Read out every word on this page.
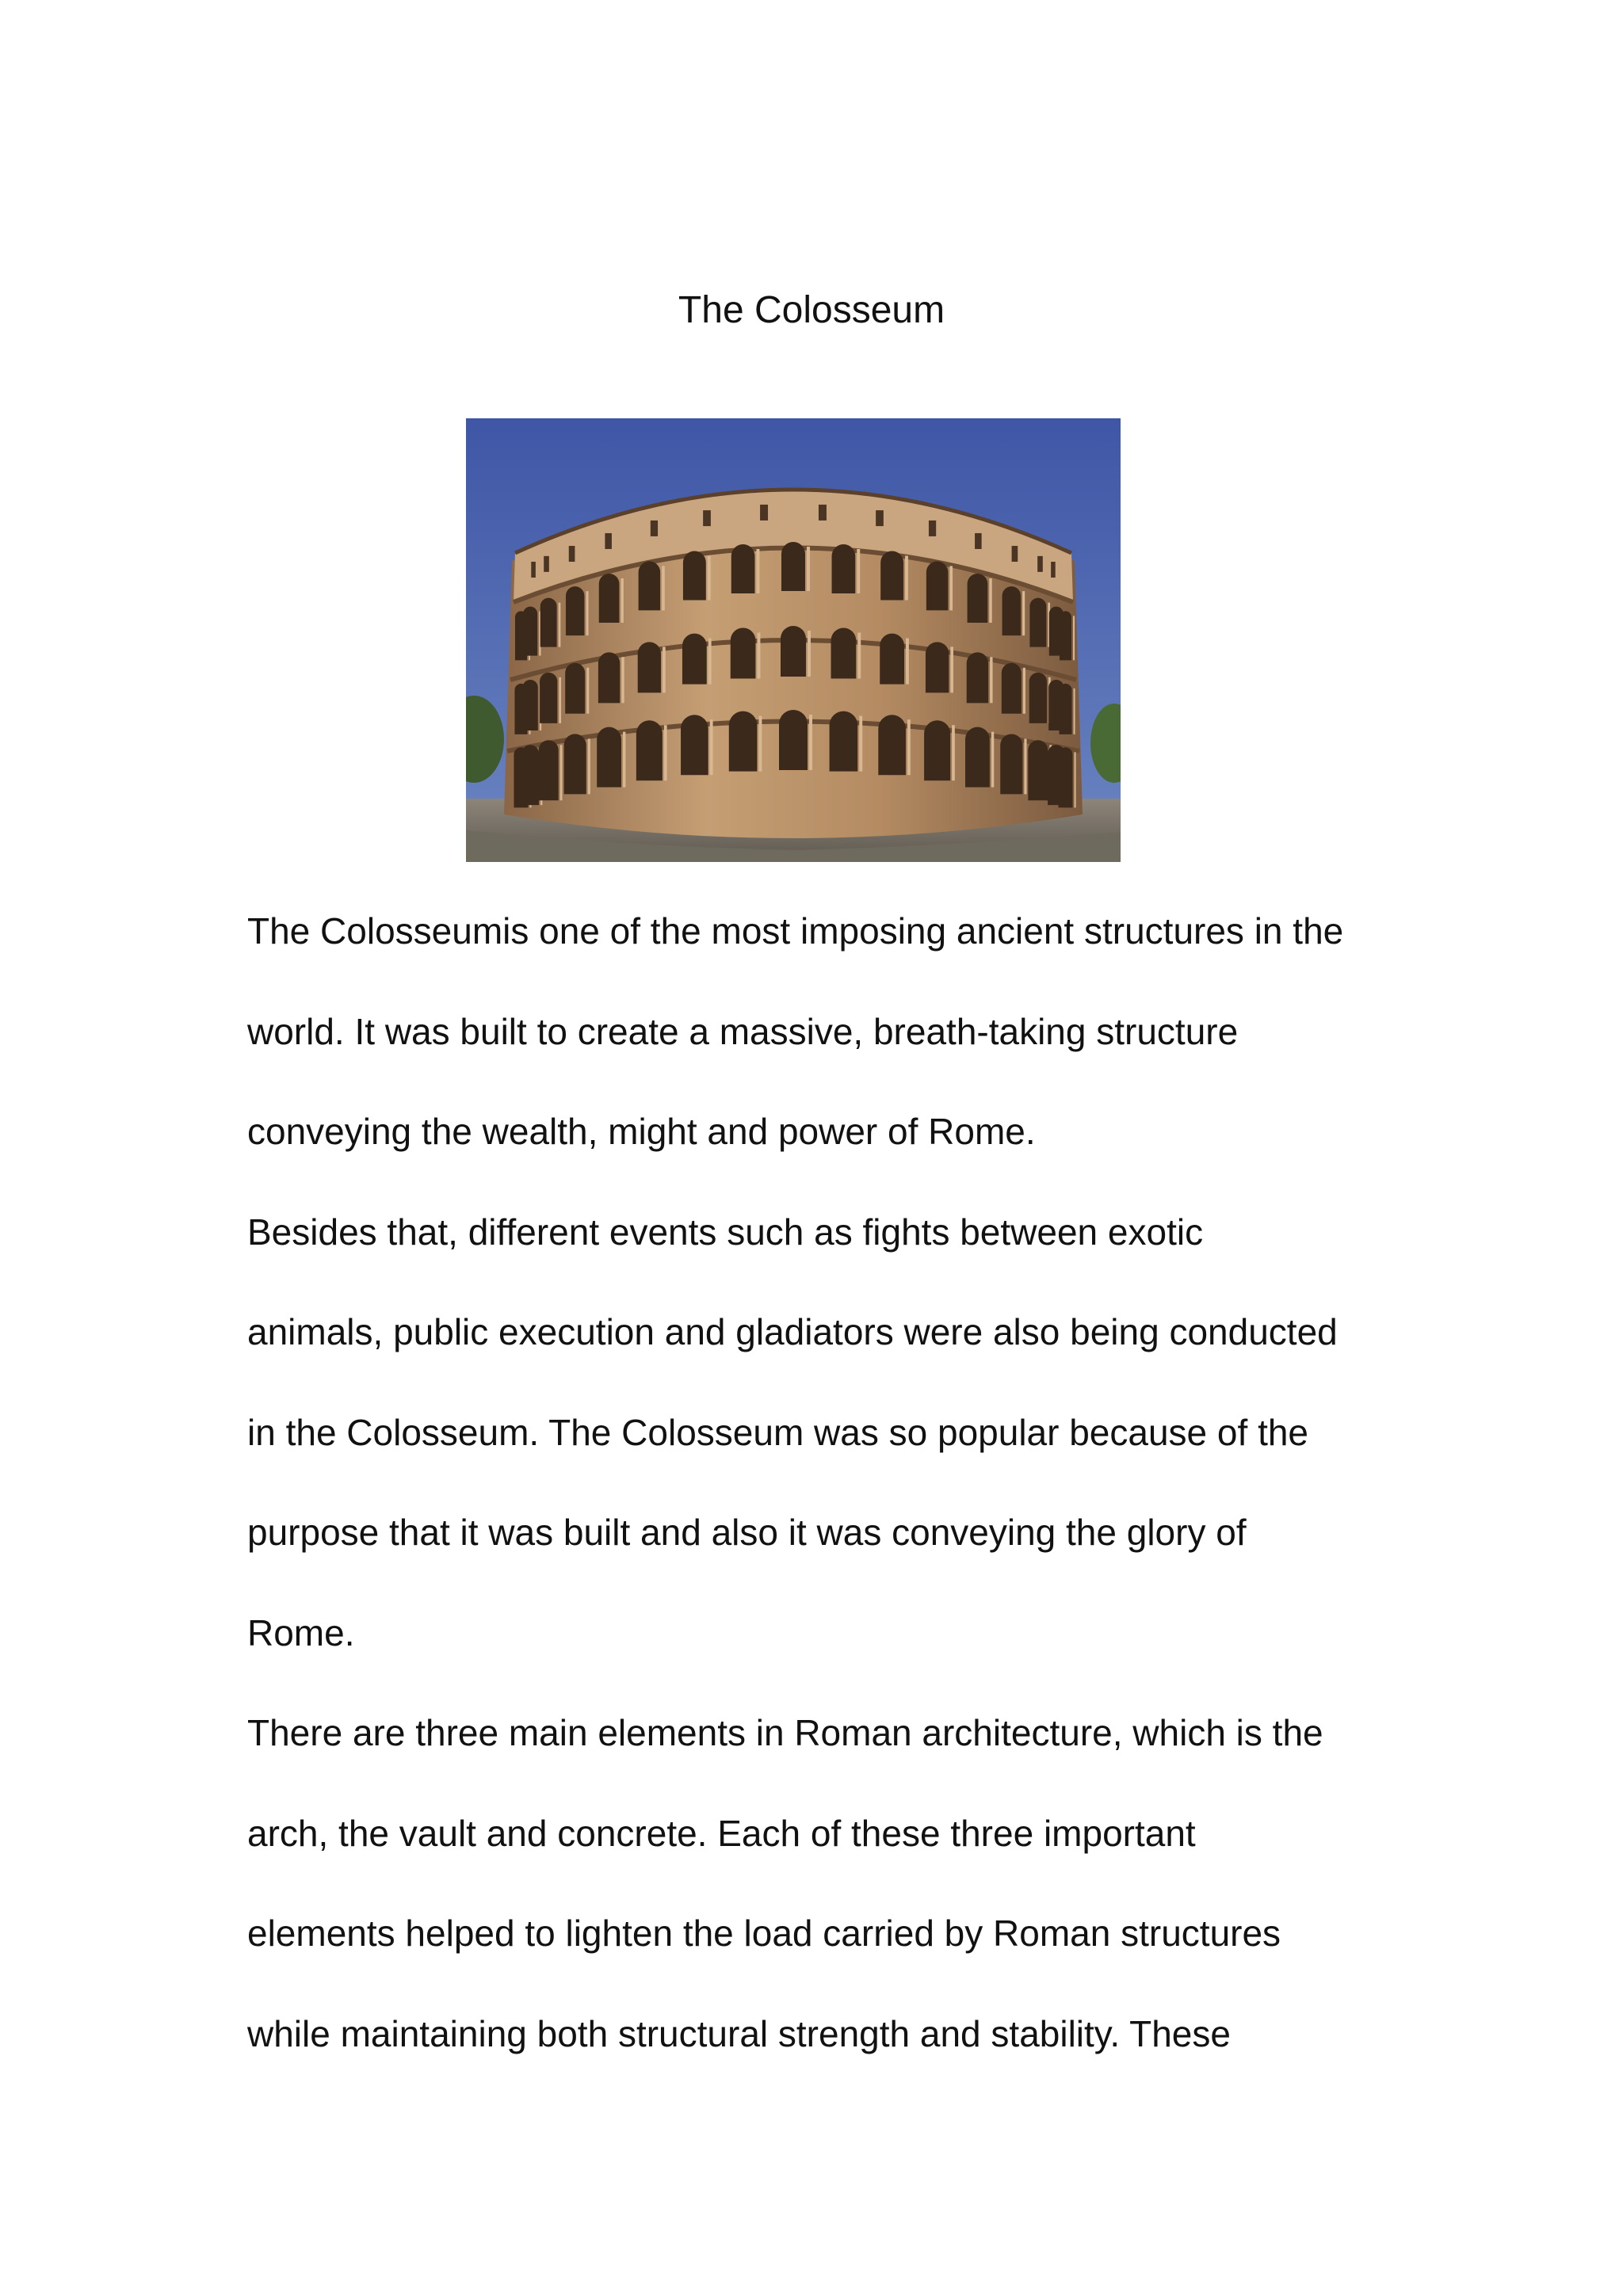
The Colosseum

The Colosseumis one of the most imposing ancient structures in the
world. It was built to create a massive, breath-taking structure
conveying the wealth, might and power of Rome.

Besides that, different events such as fights between exotic
animals, public execution and gladiators were also being conducted
in the Colosseum. The Colosseum was so popular because of the
purpose that it was built and also it was conveying the glory of
Rome.

There are three main elements in Roman architecture, which is the
arch, the vault and concrete. Each of these three important
elements helped to lighten the load carried by Roman structures
while maintaining both structural strength and stability. These
